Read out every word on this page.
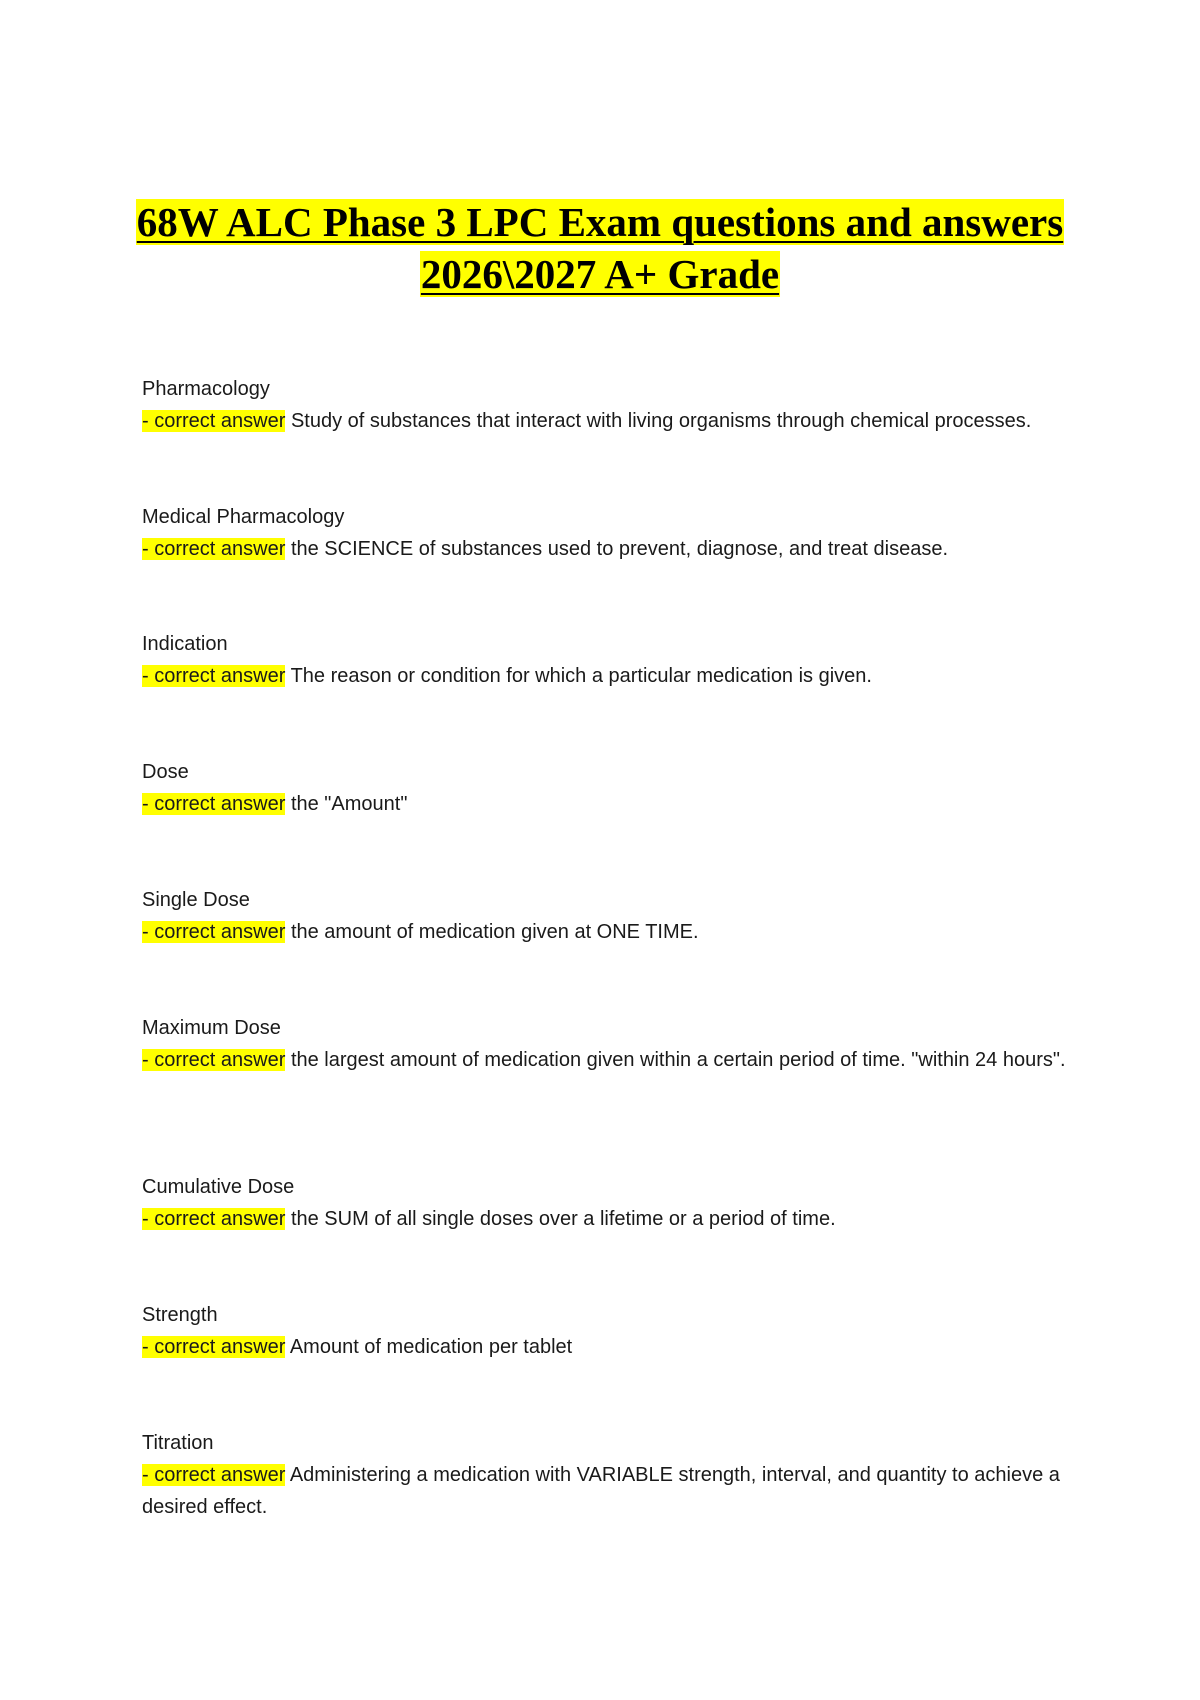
68W ALC Phase 3 LPC Exam questions and answers
2026\2027 A+ Grade
Pharmacology
- correct answer Study of substances that interact with living organisms through chemical processes.
Medical Pharmacology
- correct answer the SCIENCE of substances used to prevent, diagnose, and treat disease.
Indication
- correct answer The reason or condition for which a particular medication is given.
Dose
- correct answer the "Amount"
Single Dose
- correct answer the amount of medication given at ONE TIME.
Maximum Dose
- correct answer the largest amount of medication given within a certain period of time. "within 24 hours".
Cumulative Dose
- correct answer the SUM of all single doses over a lifetime or a period of time.
Strength
- correct answer Amount of medication per tablet
Titration
- correct answer Administering a medication with VARIABLE strength, interval, and quantity to achieve a desired effect.
